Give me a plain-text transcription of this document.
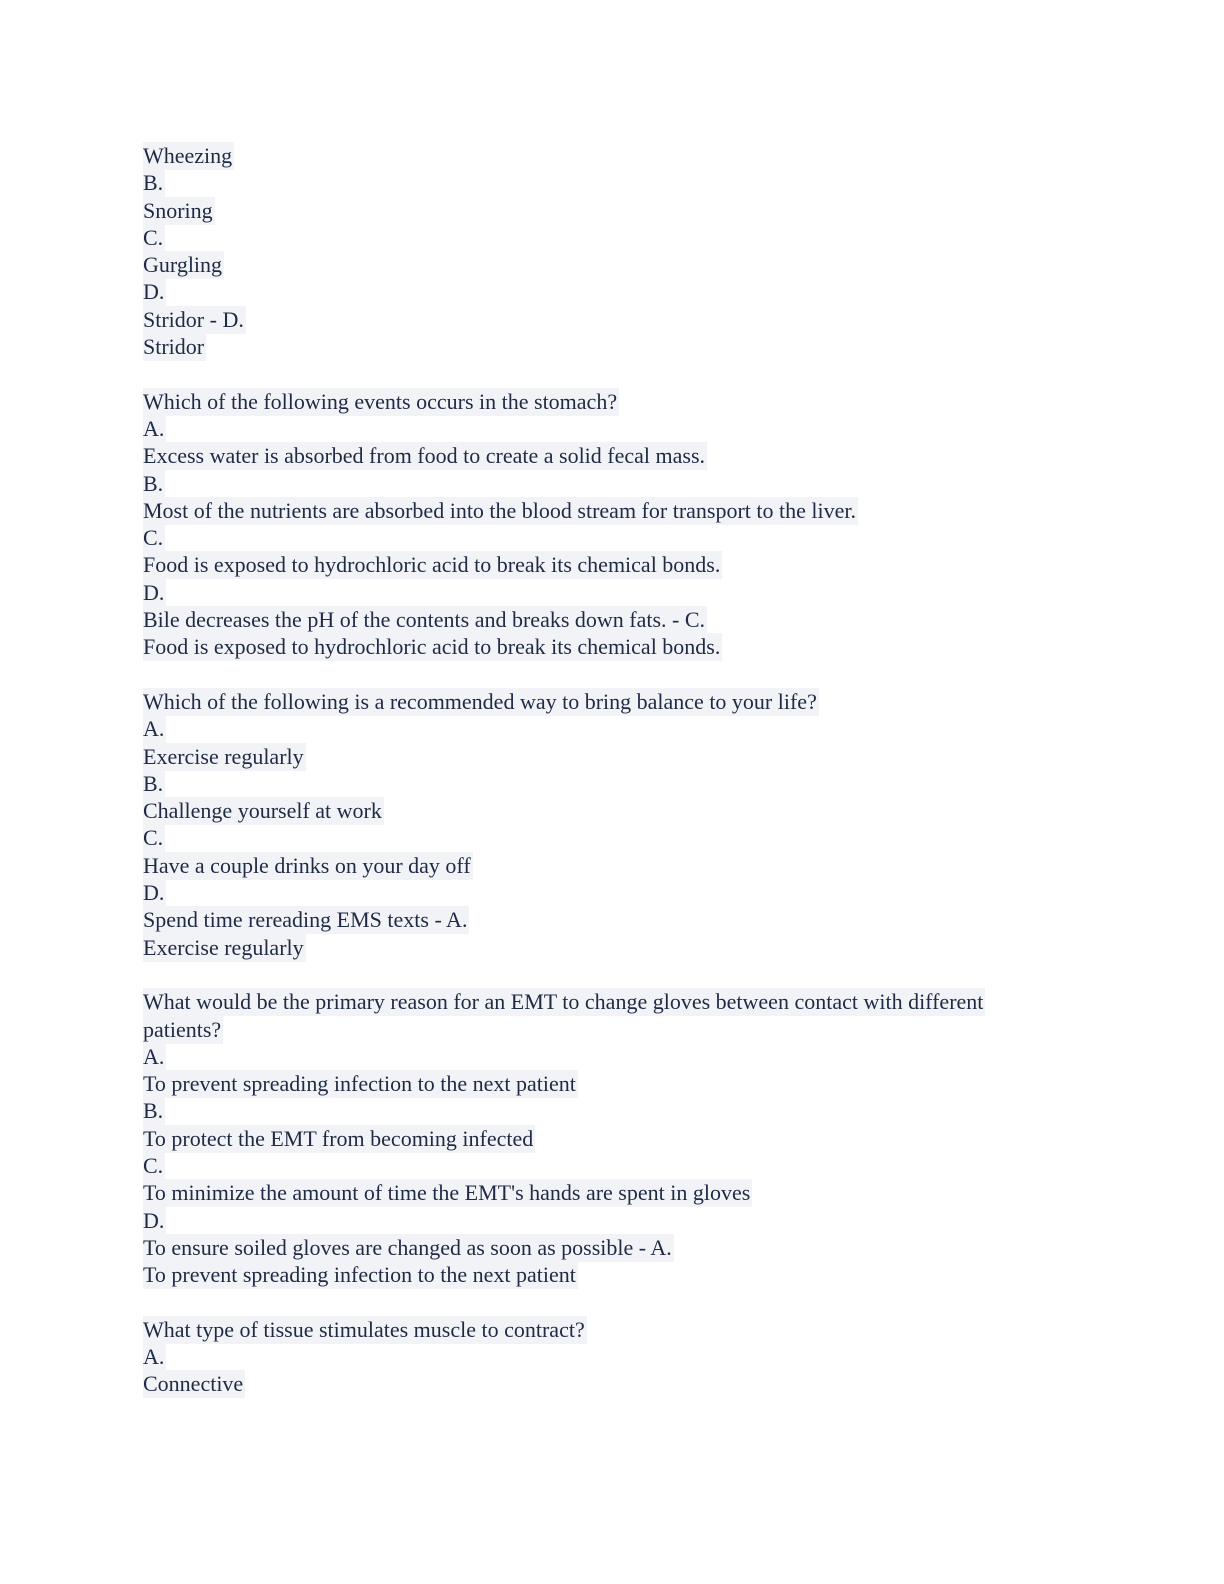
Wheezing
B.
Snoring
C.
Gurgling
D.
Stridor - D.
Stridor
Which of the following events occurs in the stomach?
A.
Excess water is absorbed from food to create a solid fecal mass.
B.
Most of the nutrients are absorbed into the blood stream for transport to the liver.
C.
Food is exposed to hydrochloric acid to break its chemical bonds.
D.
Bile decreases the pH of the contents and breaks down fats. - C.
Food is exposed to hydrochloric acid to break its chemical bonds.
Which of the following is a recommended way to bring balance to your life?
A.
Exercise regularly
B.
Challenge yourself at work
C.
Have a couple drinks on your day off
D.
Spend time rereading EMS texts - A.
Exercise regularly
What would be the primary reason for an EMT to change gloves between contact with different
patients?
A.
To prevent spreading infection to the next patient
B.
To protect the EMT from becoming infected
C.
To minimize the amount of time the EMT's hands are spent in gloves
D.
To ensure soiled gloves are changed as soon as possible - A.
To prevent spreading infection to the next patient
What type of tissue stimulates muscle to contract?
A.
Connective
